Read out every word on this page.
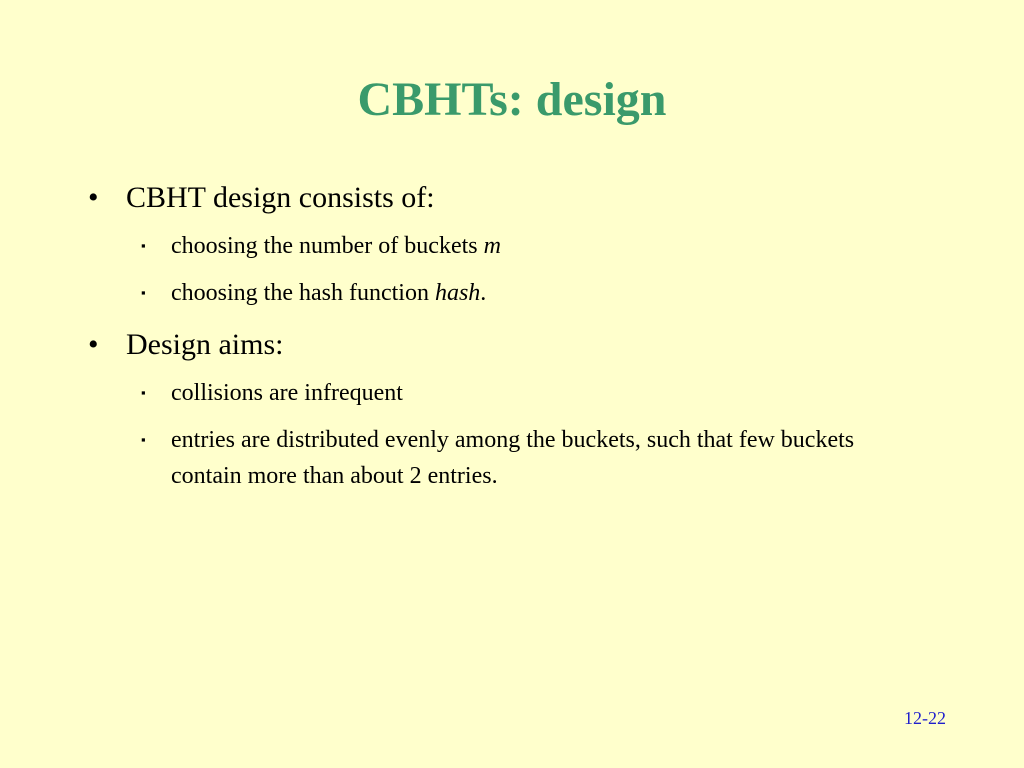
CBHTs: design
• CBHT design consists of:
▪ choosing the number of buckets m
▪ choosing the hash function hash.
• Design aims:
▪ collisions are infrequent
▪ entries are distributed evenly among the buckets, such that few buckets contain more than about 2 entries.
12-22
